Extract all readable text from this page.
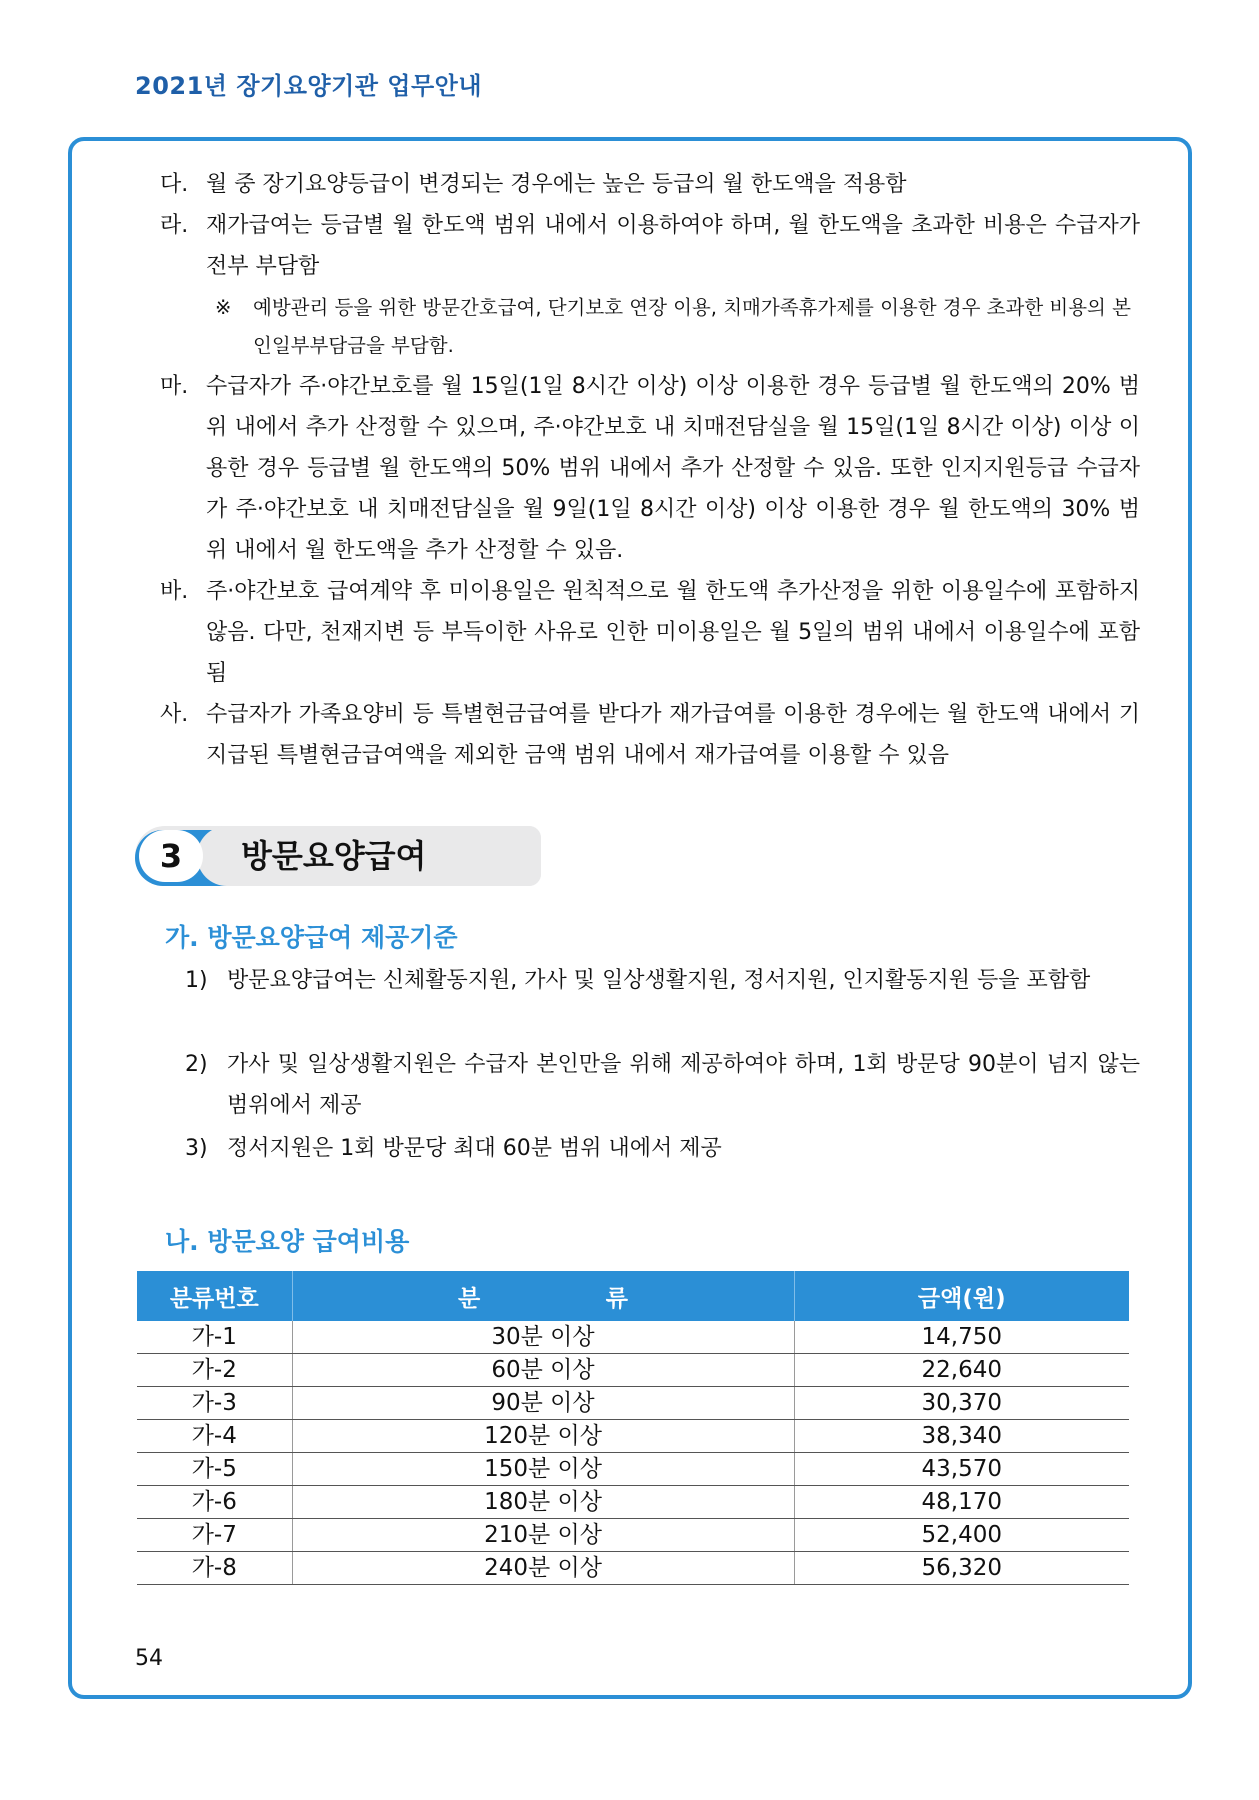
2021년 장기요양기관 업무안내
다. 월 중 장기요양등급이 변경되는 경우에는 높은 등급의 월 한도액을 적용함
라. 재가급여는 등급별 월 한도액 범위 내에서 이용하여야 하며, 월 한도액을 초과한 비용은 수급자가 전부 부담함
※	예방관리 등을 위한 방문간호급여, 단기보호 연장 이용, 치매가족휴가제를 이용한 경우 초과한 비용의 본인일부부담금을 부담함.
마. 수급자가 주·야간보호를 월 15일(1일 8시간 이상) 이상 이용한 경우 등급별 월 한도액의 20% 범위 내에서 추가 산정할 수 있으며, 주·야간보호 내 치매전담실을 월 15일(1일 8시간 이상) 이상 이용한 경우 등급별 월 한도액의 50% 범위 내에서 추가 산정할 수 있음. 또한 인지지원등급 수급자가 주·야간보호 내 치매전담실을 월 9일(1일 8시간 이상) 이상 이용한 경우 월 한도액의 30% 범위 내에서 월 한도액을 추가 산정할 수 있음.
바. 주·야간보호 급여계약 후 미이용일은 원칙적으로 월 한도액 추가산정을 위한 이용일수에 포함하지 않음. 다만, 천재지변 등 부득이한 사유로 인한 미이용일은 월 5일의 범위 내에서 이용일수에 포함됨
사. 수급자가 가족요양비 등 특별현금급여를 받다가 재가급여를 이용한 경우에는 월 한도액 내에서 기지급된 특별현금급여액을 제외한 금액 범위 내에서 재가급여를 이용할 수 있음
3	방문요양급여
가. 방문요양급여 제공기준
1) 방문요양급여는 신체활동지원, 가사 및 일상생활지원, 정서지원, 인지활동지원 등을 포함함
2) 가사 및 일상생활지원은 수급자 본인만을 위해 제공하여야 하며, 1회 방문당 90분이 넘지 않는 범위에서 제공
3) 정서지원은 1회 방문당 최대 60분 범위 내에서 제공
나. 방문요양 급여비용
분류번호	분 류	금액(원)
가-1	30분 이상	14,750
가-2	60분 이상	22,640
가-3	90분 이상	30,370
가-4	120분 이상	38,340
가-5	150분 이상	43,570
가-6	180분 이상	48,170
가-7	210분 이상	52,400
가-8	240분 이상	56,320
54
